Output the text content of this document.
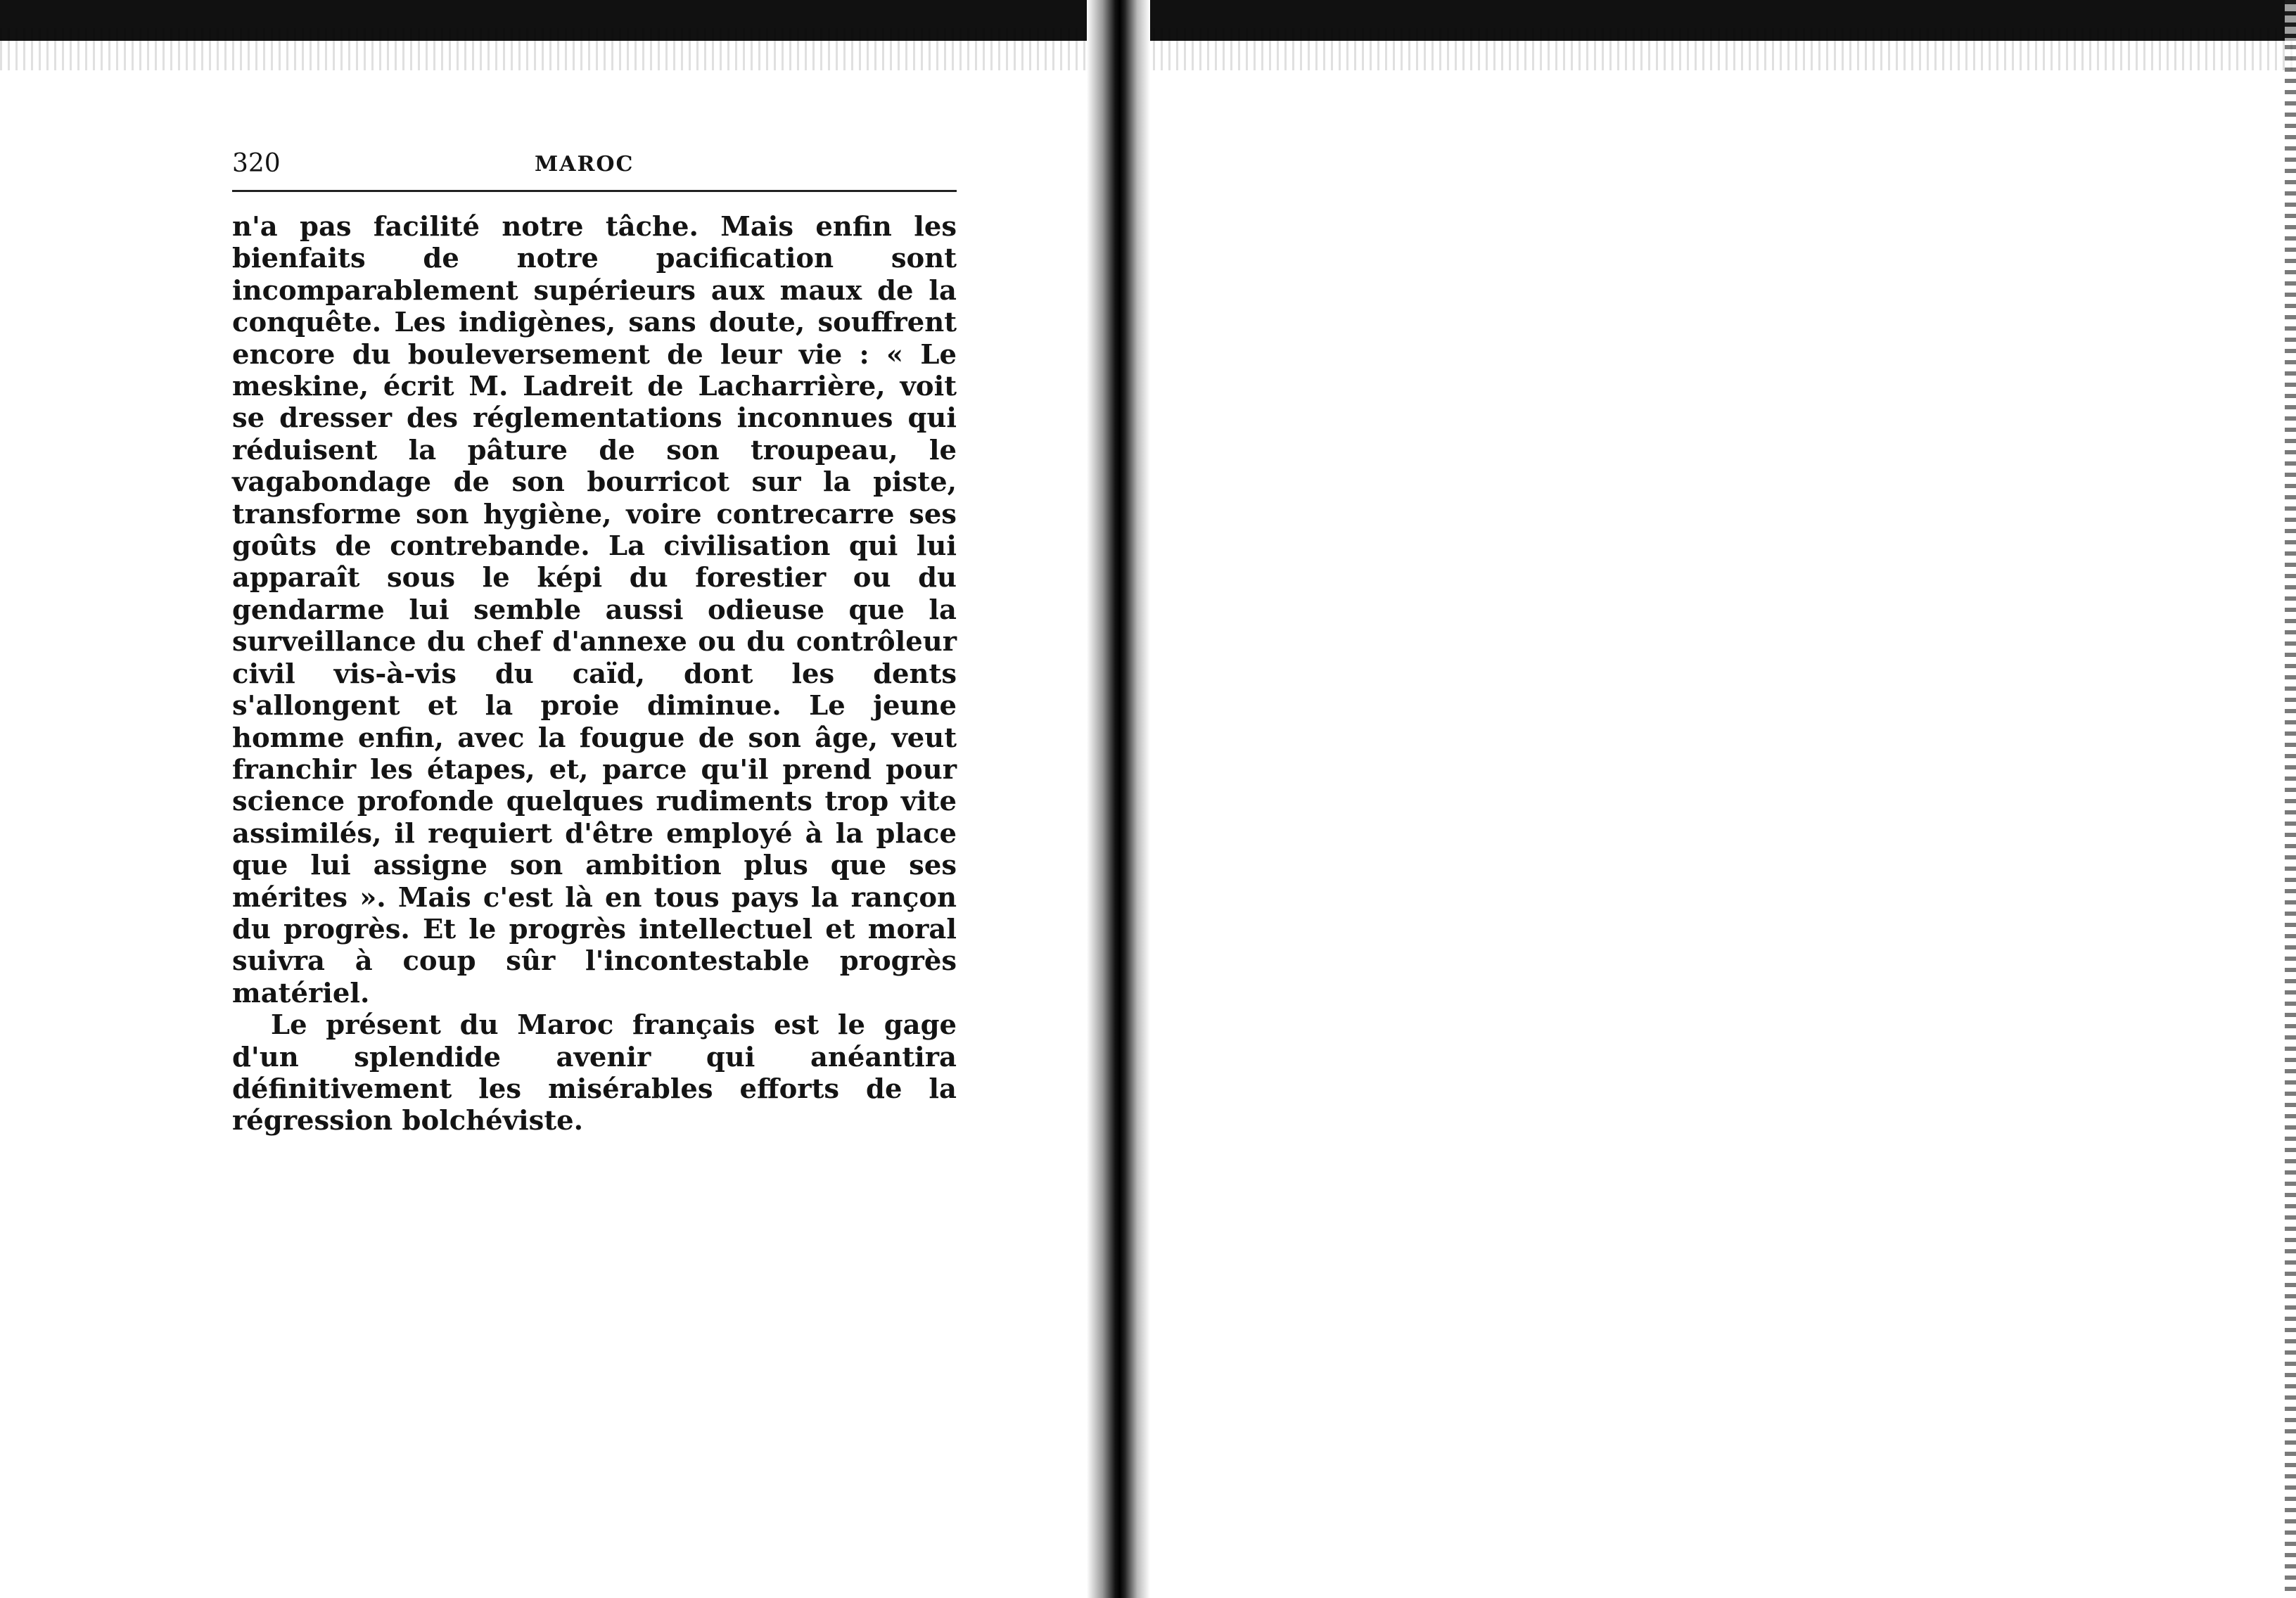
320	MAROC

n'a pas facilité notre tâche. Mais enfin les bienfaits de notre pacification sont incomparablement supérieurs aux maux de la conquête. Les indigènes, sans doute, souffrent encore du bouleversement de leur vie : « Le meskine, écrit M. Ladreit de Lacharrière, voit se dresser des réglementations inconnues qui réduisent la pâture de son troupeau, le vagabondage de son bourricot sur la piste, transforme son hygiène, voire contrecarre ses goûts de contrebande. La civilisation qui lui apparaît sous le képi du forestier ou du gendarme lui semble aussi odieuse que la surveillance du chef d'annexe ou du contrôleur civil vis-à-vis du caïd, dont les dents s'allongent et la proie diminue. Le jeune homme enfin, avec la fougue de son âge, veut franchir les étapes, et, parce qu'il prend pour science profonde quelques rudiments trop vite assimilés, il requiert d'être employé à la place que lui assigne son ambition plus que ses mérites ». Mais c'est là en tous pays la rançon du progrès. Et le progrès intellectuel et moral suivra à coup sûr l'incontestable progrès matériel.

Le présent du Maroc français est le gage d'un splendide avenir qui anéantira définitivement les misérables efforts de la régression bolchéviste.
